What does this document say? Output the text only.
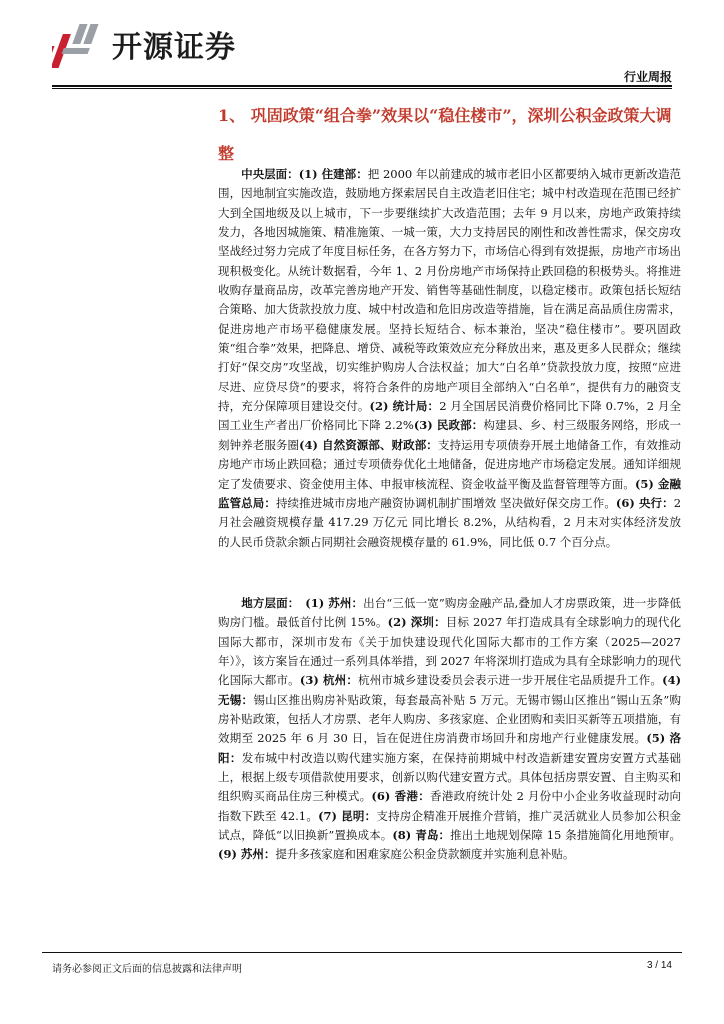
开源证券
行业周报
1、 巩固政策“组合拳”效果以“稳住楼市”，深圳公积金政策大调整
　　中央层面：(1) 住建部：把 2000 年以前建成的城市老旧小区都要纳入城市更新改造范围，因地制宜实施改造，鼓励地方探索居民自主改造老旧住宅；城中村改造现在范围已经扩大到全国地级及以上城市，下一步要继续扩大改造范围；去年 9 月以来，房地产政策持续发力，各地因城施策、精准施策、一城一策，大力支持居民的刚性和改善性需求，保交房攻坚战经过努力完成了年度目标任务，在各方努力下，市场信心得到有效提振，房地产市场出现积极变化。从统计数据看，今年 1、2 月份房地产市场保持止跌回稳的积极势头。将推进收购存量商品房，改革完善房地产开发、销售等基础性制度，以稳定楼市。政策包括长短结合策略、加大货款投放力度、城中村改造和危旧房改造等措施，旨在满足高品质住房需求，促进房地产市场平稳健康发展。坚持长短结合、标本兼治，坚决“稳住楼市”。要巩固政策“组合拳”效果，把降息、增贷、减税等政策效应充分释放出来，惠及更多人民群众；继续打好“保交房”攻坚战，切实维护购房人合法权益；加大“白名单”贷款投放力度，按照“应进尽进、应贷尽贷”的要求，将符合条件的房地产项目全部纳入“白名单”，提供有力的融资支持，充分保障项目建设交付。(2) 统计局：2 月全国居民消费价格同比下降 0.7%，2 月全国工业生产者出厂价格同比下降 2.2%(3) 民政部：构建县、乡、村三级服务网络，形成一刻钟养老服务圈(4) 自然资源部、财政部：支持运用专项债券开展土地储备工作，有效推动房地产市场止跌回稳；通过专项债券优化土地储备，促进房地产市场稳定发展。通知详细规定了发债要求、资金使用主体、申报审核流程、资金收益平衡及监督管理等方面。(5) 金融监管总局：持续推进城市房地产融资协调机制扩围增效 坚决做好保交房工作。(6) 央行：2 月社会融资规模存量 417.29 万亿元 同比增长 8.2%，从结构看，2 月末对实体经济发放的人民币贷款余额占同期社会融资规模存量的 61.9%，同比低 0.7 个百分点。
　　地方层面：　 (1) 苏州：出台“三低一宽”购房金融产品,叠加人才房票政策，进一步降低购房门槛。最低首付比例 15%。(2) 深圳：目标 2027 年打造成具有全球影响力的现代化国际大都市，深圳市发布《关于加快建设现代化国际大都市的工作方案（2025—2027 年）》，该方案旨在通过一系列具体举措，到 2027 年将深圳打造成为具有全球影响力的现代化国际大都市。(3) 杭州：杭州市城乡建设委员会表示进一步开展住宅品质提升工作。(4) 无锡：锡山区推出购房补贴政策，每套最高补贴 5 万元。无锡市锡山区推出“锡山五条”购房补贴政策，包括人才房票、老年人购房、多孩家庭、企业团购和卖旧买新等五项措施，有效期至 2025 年 6 月 30 日，旨在促进住房消费市场回升和房地产行业健康发展。(5) 洛阳：发布城中村改造以购代建实施方案，在保持前期城中村改造新建安置房安置方式基础上，根据上级专项借款使用要求，创新以购代建安置方式。具体包括房票安置、自主购买和组织购买商品住房三种模式。(6) 香港：香港政府统计处 2 月份中小企业务收益现时动向指数下跌至 42.1。(7) 昆明：支持房企精准开展推介营销，推广灵活就业人员参加公积金试点，降低“以旧换新”置换成本。(8) 青岛：推出土地规划保障 15 条措施简化用地预审。(9) 苏州：提升多孩家庭和困难家庭公积金贷款额度并实施利息补贴。
请务必参阅正文后面的信息披露和法律声明	3 / 14
